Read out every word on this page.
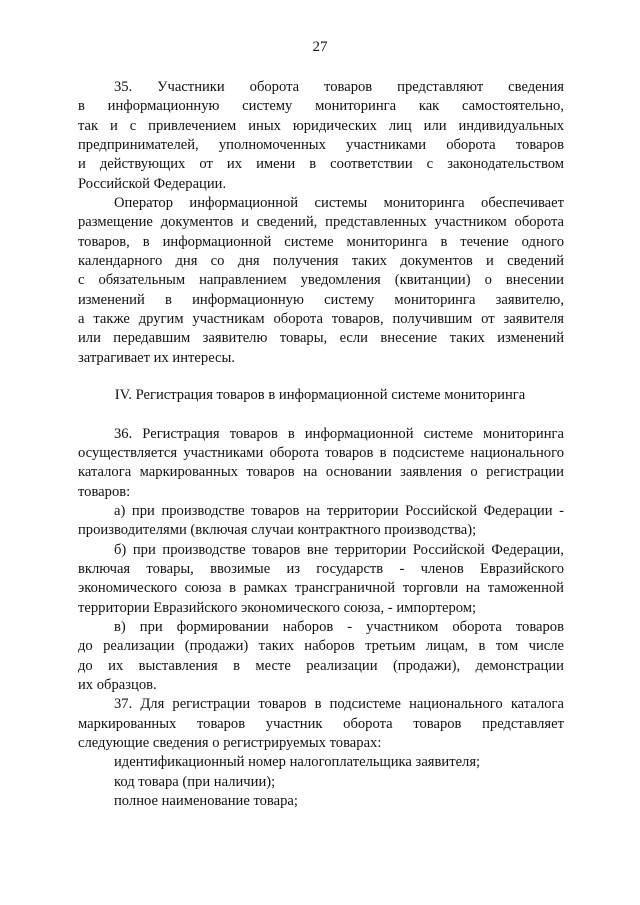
27
35. Участники оборота товаров представляют сведения
в информационную систему мониторинга как самостоятельно,
так и с привлечением иных юридических лиц или индивидуальных
предпринимателей, уполномоченных участниками оборота товаров
и действующих от их имени в соответствии с законодательством
Российской Федерации.
Оператор информационной системы мониторинга обеспечивает
размещение документов и сведений, представленных участником оборота
товаров, в информационной системе мониторинга в течение одного
календарного дня со дня получения таких документов и сведений
с обязательным направлением уведомления (квитанции) о внесении
изменений в информационную систему мониторинга заявителю,
а также другим участникам оборота товаров, получившим от заявителя
или передавшим заявителю товары, если внесение таких изменений
затрагивает их интересы.
IV. Регистрация товаров в информационной системе мониторинга
36. Регистрация товаров в информационной системе мониторинга
осуществляется участниками оборота товаров в подсистеме национального
каталога маркированных товаров на основании заявления о регистрации
товаров:
а) при производстве товаров на территории Российской Федерации -
производителями (включая случаи контрактного производства);
б) при производстве товаров вне территории Российской Федерации,
включая товары, ввозимые из государств - членов Евразийского
экономического союза в рамках трансграничной торговли на таможенной
территории Евразийского экономического союза, - импортером;
в) при формировании наборов - участником оборота товаров
до реализации (продажи) таких наборов третьим лицам, в том числе
до их выставления в месте реализации (продажи), демонстрации
их образцов.
37. Для регистрации товаров в подсистеме национального каталога
маркированных товаров участник оборота товаров представляет
следующие сведения о регистрируемых товарах:
идентификационный номер налогоплательщика заявителя;
код товара (при наличии);
полное наименование товара;
